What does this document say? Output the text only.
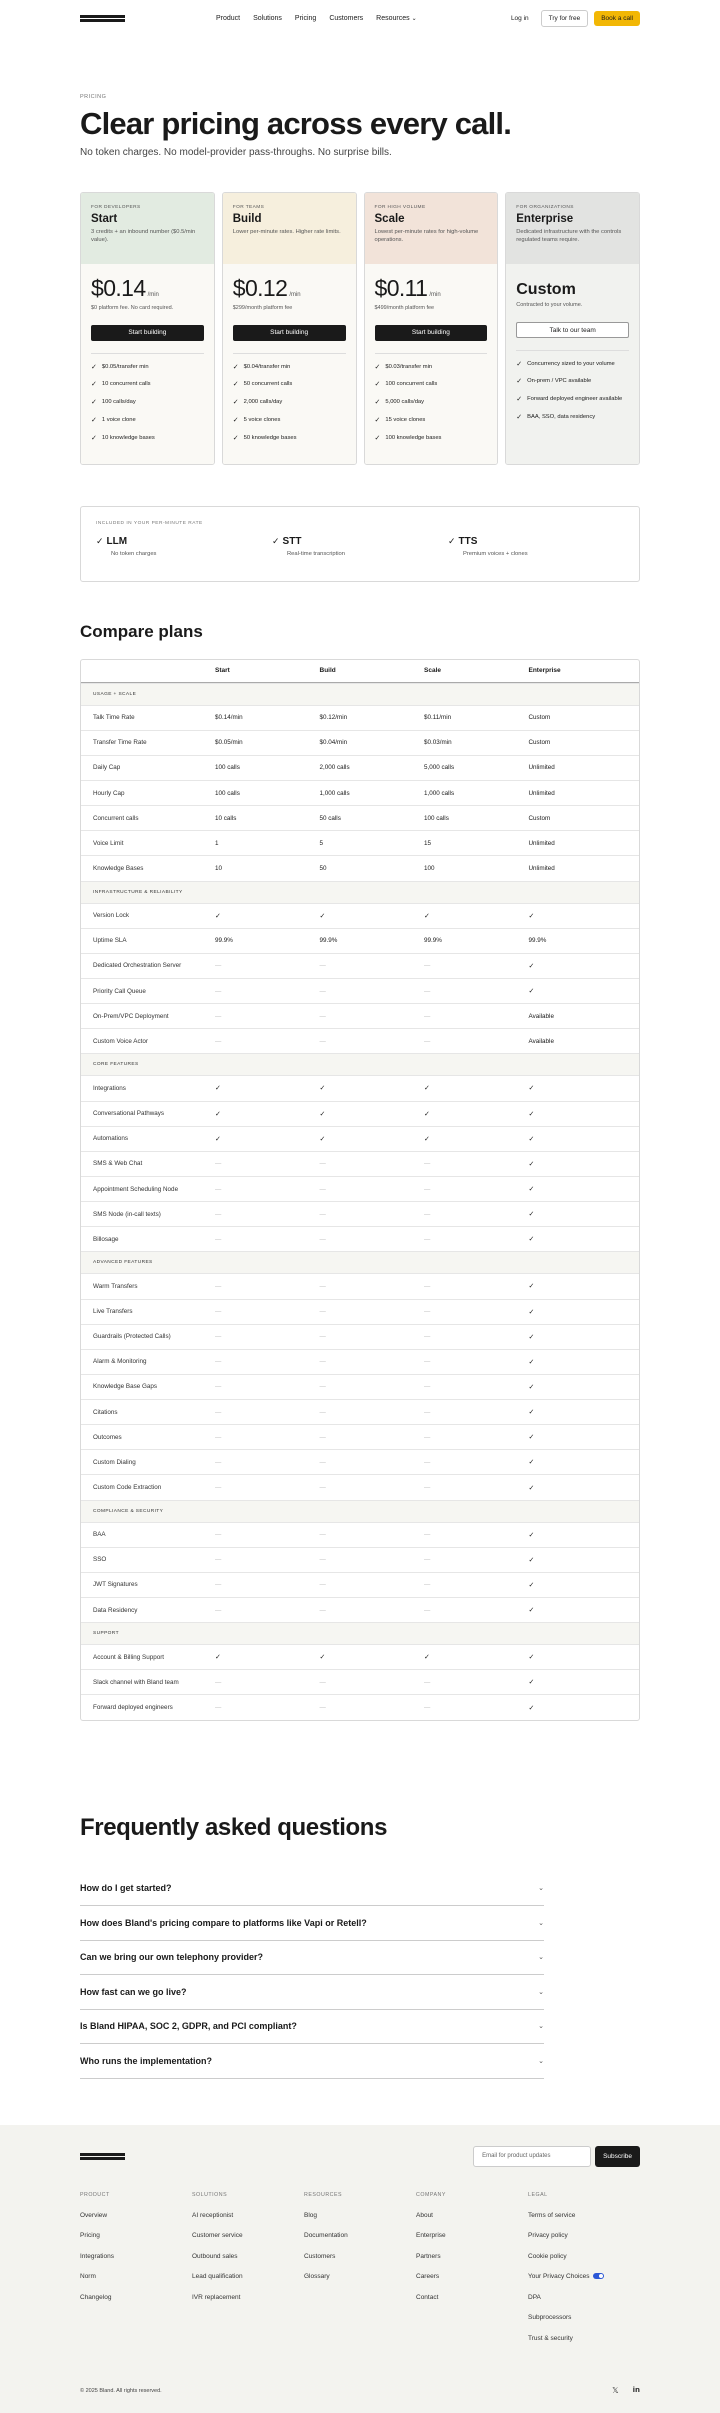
Product Solutions Pricing Customers Resources ⌄	Log in	Try for free	Book a call
PRICING
Clear pricing across every call.

No token charges. No model-provider pass-throughs. No surprise bills.

FOR DEVELOPERS
Start
3 credits + an inbound number ($0.5/min value).
$0.14 /min
$0 platform fee. No card required.
Start building
✓ $0.05/transfer min
✓ 10 concurrent calls
✓ 100 calls/day
✓ 1 voice clone
✓ 10 knowledge bases
FOR TEAMS
Build
Lower per-minute rates. Higher rate limits.
$0.12 /min
$299/month platform fee
Start building
✓ $0.04/transfer min
✓ 50 concurrent calls
✓ 2,000 calls/day
✓ 5 voice clones
✓ 50 knowledge bases
FOR HIGH VOLUME
Scale
Lowest per-minute rates for high-volume operations.
$0.11 /min
$499/month platform fee
Start building
✓ $0.03/transfer min
✓ 100 concurrent calls
✓ 5,000 calls/day
✓ 15 voice clones
✓ 100 knowledge bases
FOR ORGANIZATIONS
Enterprise
Dedicated infrastructure with the controls regulated teams require.
Custom
Contracted to your volume.
Talk to our team
✓ Concurrency sized to your volume
✓ On-prem / VPC available
✓ Forward deployed engineer available
✓ BAA, SSO, data residency
INCLUDED IN YOUR PER-MINUTE RATE
✓ LLM
No token charges
✓ STT
Real-time transcription
✓ TTS
Premium voices + clones
Compare plans
Start	Build	Scale	Enterprise
USAGE + SCALE
Talk Time Rate	$0.14/min	$0.12/min	$0.11/min	Custom
Transfer Time Rate	$0.05/min	$0.04/min	$0.03/min	Custom
Daily Cap	100 calls	2,000 calls	5,000 calls	Unlimited
Hourly Cap	100 calls	1,000 calls	1,000 calls	Unlimited
Concurrent calls	10 calls	50 calls	100 calls	Custom
Voice Limit	1	5	15	Unlimited
Knowledge Bases	10	50	100	Unlimited
INFRASTRUCTURE & RELIABILITY
Version Lock	✓	✓	✓	✓
Uptime SLA	99.9%	99.9%	99.9%	99.9%
Dedicated Orchestration Server	—	—	—	✓
Priority Call Queue	—	—	—	✓
On-Prem/VPC Deployment	—	—	—	Available
Custom Voice Actor	—	—	—	Available
CORE FEATURES
Integrations	✓	✓	✓	✓
Conversational Pathways	✓	✓	✓	✓
Automations	✓	✓	✓	✓
SMS & Web Chat	—	—	—	✓
Appointment Scheduling Node	—	—	—	✓
SMS Node (in-call texts)	—	—	—	✓
Billosage	—	—	—	✓
ADVANCED FEATURES
Warm Transfers	—	—	—	✓
Live Transfers	—	—	—	✓
Guardrails (Protected Calls)	—	—	—	✓
Alarm & Monitoring	—	—	—	✓
Knowledge Base Gaps	—	—	—	✓
Citations	—	—	—	✓
Outcomes	—	—	—	✓
Custom Dialing	—	—	—	✓
Custom Code Extraction	—	—	—	✓
COMPLIANCE & SECURITY
BAA	—	—	—	✓
SSO	—	—	—	✓
JWT Signatures	—	—	—	✓
Data Residency	—	—	—	✓
SUPPORT
Account & Billing Support	✓	✓	✓	✓
Slack channel with Bland team	—	—	—	✓
Forward deployed engineers	—	—	—	✓
Frequently asked questions
How do I get started?	⌄
How does Bland's pricing compare to platforms like Vapi or Retell?	⌄
Can we bring our own telephony provider?	⌄
How fast can we go live?	⌄
Is Bland HIPAA, SOC 2, GDPR, and PCI compliant?	⌄
Who runs the implementation?	⌄
Email for product updates	Subscribe
PRODUCT
Overview
Pricing
Integrations
Norm
Changelog
SOLUTIONS
AI receptionist
Customer service
Outbound sales
Lead qualification
IVR replacement
RESOURCES
Blog
Documentation
Customers
Glossary
COMPANY
About
Enterprise
Partners
Careers
Contact
LEGAL
Terms of service
Privacy policy
Cookie policy
Your Privacy Choices
DPA
Subprocessors
Trust & security
© 2025 Bland. All rights reserved.	𝕏 in
